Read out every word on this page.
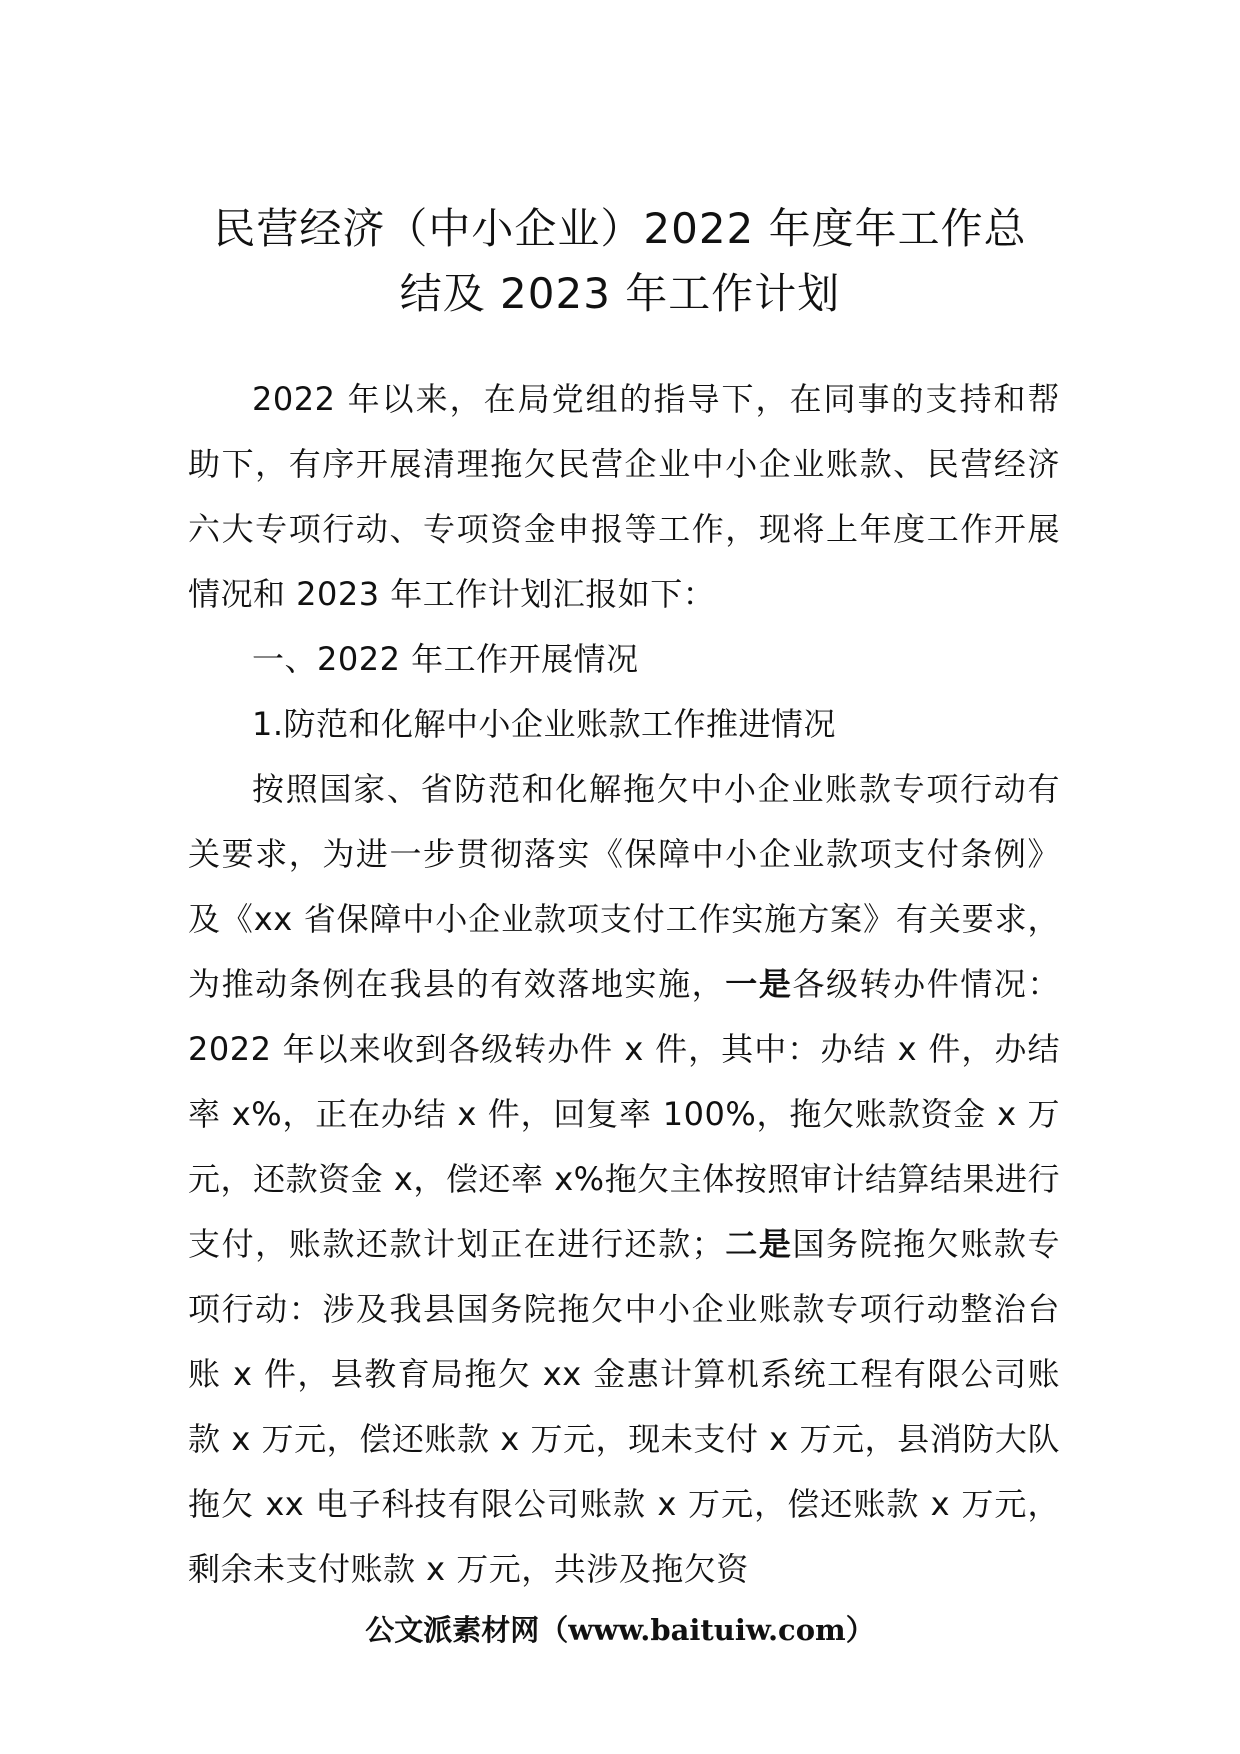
民营经济（中小企业）2022 年度年工作总
结及 2023 年工作计划

2022 年以来，在局党组的指导下，在同事的支持和帮助下，有序开展清理拖欠民营企业中小企业账款、民营经济六大专项行动、专项资金申报等工作，现将上年度工作开展情况和 2023 年工作计划汇报如下：

一、2022 年工作开展情况

1.防范和化解中小企业账款工作推进情况

按照国家、省防范和化解拖欠中小企业账款专项行动有关要求，为进一步贯彻落实《保障中小企业款项支付条例》及《xx 省保障中小企业款项支付工作实施方案》有关要求，为推动条例在我县的有效落地实施，一是各级转办件情况：2022 年以来收到各级转办件 x 件，其中：办结 x 件，办结率 x%，正在办结 x 件，回复率 100%，拖欠账款资金 x 万元，还款资金 x，偿还率 x%拖欠主体按照审计结算结果进行支付，账款还款计划正在进行还款；二是国务院拖欠账款专项行动：涉及我县国务院拖欠中小企业账款专项行动整治台账 x 件，县教育局拖欠 xx 金惠计算机系统工程有限公司账款 x 万元，偿还账款 x 万元，现未支付 x 万元，县消防大队拖欠 xx 电子科技有限公司账款 x 万元，偿还账款 x 万元，剩余未支付账款 x 万元，共涉及拖欠资

公文派素材网（www.baituiw.com）
